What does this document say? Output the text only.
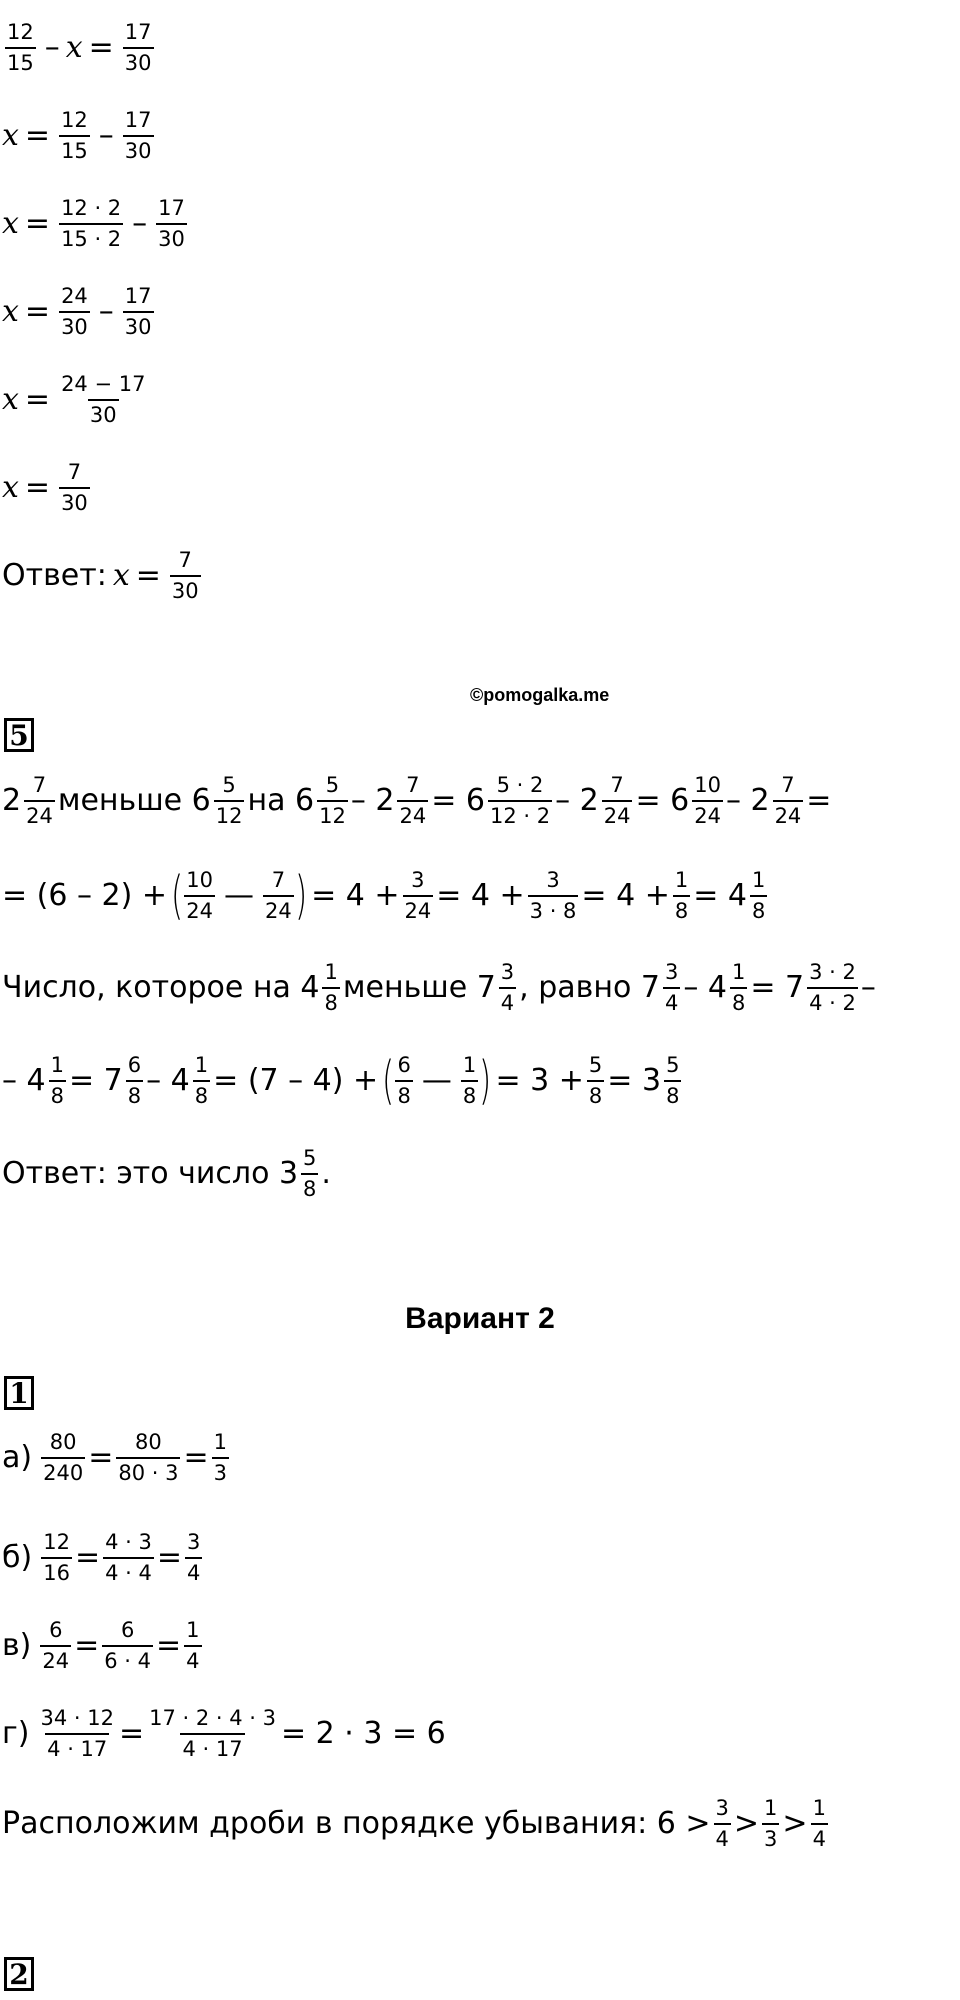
$\frac{12}{15} - x = \frac{17}{30}$
$x = \frac{12}{15} - \frac{17}{30}$
$x = \frac{12 \cdot 2}{15 \cdot 2} - \frac{17}{30}$
$x = \frac{24}{30} - \frac{17}{30}$
$x = \frac{24 - 17}{30}$
$x = \frac{7}{30}$
Ответ: $x = \frac{7}{30}$
©pomogalka.me
5
$2 \frac{7}{24}$ меньше $6 \frac{5}{12}$ на $6 \frac{5}{12} - 2 \frac{7}{24} = 6 \frac{5 \cdot 2}{12 \cdot 2} - 2 \frac{7}{24} = 6 \frac{10}{24} - 2 \frac{7}{24}$ =
= (6 – 2) + ( $\frac{10}{24}$ — $\frac{7}{24}$ ) = $4 + \frac{3}{24} = 4 + \frac{3}{3 \cdot 8} = 4 + \frac{1}{8} = 4 \frac{1}{8}$
Число, которое на $4 \frac{1}{8}$ меньше $7 \frac{3}{4}$ , равно $7 \frac{3}{4} - 4 \frac{1}{8} = 7 \frac{3 \cdot 2}{4 \cdot 2}$ –
– $4 \frac{1}{8} = 7 \frac{6}{8} - 4 \frac{1}{8} = (7 - 4)$ + ( $\frac{6}{8}$ — $\frac{1}{8}$ ) = $3 + \frac{5}{8} = 3 \frac{5}{8}$
Ответ: это число $3 \frac{5}{8}$ .
Вариант 2
1
$а) \frac{80}{240} = \frac{80}{80 \cdot 3} = \frac{1}{3}$
$б) \frac{12}{16} = \frac{4 \cdot 3}{4 \cdot 4} = \frac{3}{4}$
$в) \frac{6}{24} = \frac{6}{6 \cdot 4} = \frac{1}{4}$
$г) \frac{34 \cdot 12}{4 \cdot 17} = \frac{17 \cdot 2 \cdot 4 \cdot 3}{4 \cdot 17} = 2 \cdot 3 = 6$
Расположим дроби в порядке убывания: $6 > \frac{3}{4} > \frac{1}{3} > \frac{1}{4}$
2
